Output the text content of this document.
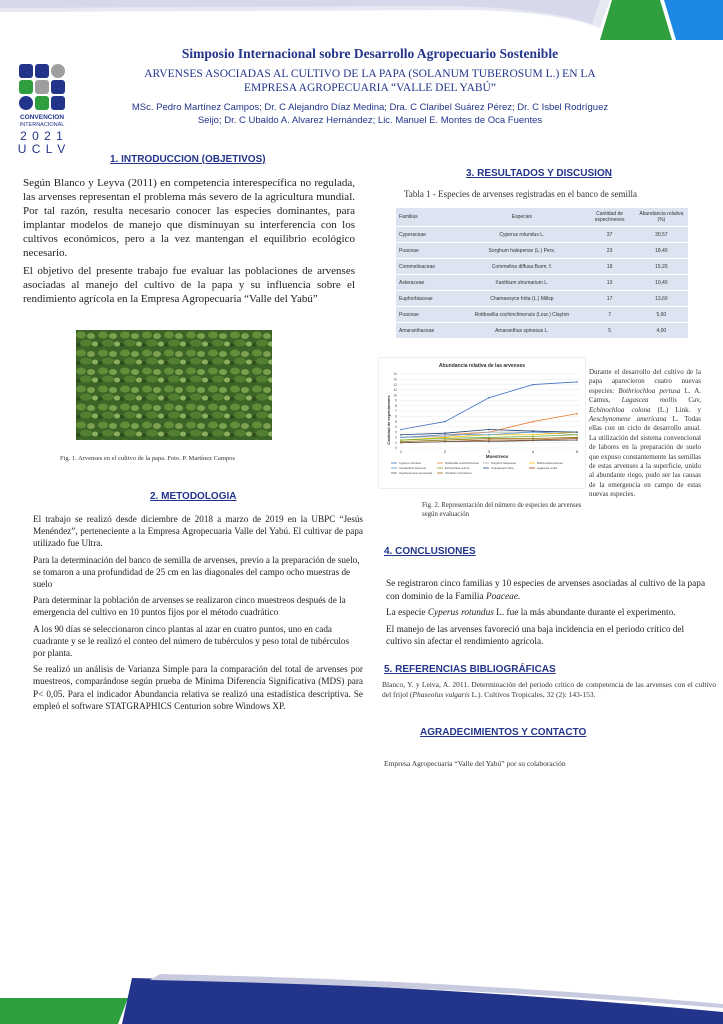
CONVENCION
INTERNACIONAL
2 0 2 1
U C L V
Simposio Internacional sobre Desarrollo Agropecuario Sostenible
ARVENSES ASOCIADAS AL CULTIVO DE LA PAPA (SOLANUM TUBEROSUM L.) EN LA
EMPRESA AGROPECUARIA “VALLE DEL YABÚ”
MSc. Pedro Martínez Campos; Dr. C Alejandro Díaz Medina; Dra. C Claribel Suárez Pérez; Dr. C Isbel Rodríguez
Seijo; Dr. C Ubaldo A. Alvarez Hernández; Lic. Manuel E. Montes de Oca Fuentes
1. INTRODUCCION (OBJETIVOS)

Según Blanco y Leyva (2011) en competencia interespecífica no regulada, las arvenses representan el problema más severo de la agricultura mundial. Por tal razón, resulta necesario conocer las especies dominantes, para implantar modelos de manejo que disminuyan su interferencia con los cultivos económicos, pero a la vez mantengan el equilibrio ecológico necesario.

El objetivo del presente trabajo fue evaluar las poblaciones de arvenses asociadas al manejo del cultivo de la papa y su influencia sobre el rendimiento agrícola en la Empresa Agropecuaria “Valle del Yabú”

Fig. 1. Arvenses en el cultivo de la papa. Foto. P. Martínez Campos
2. METODOLOGIA

El trabajo se realizó desde diciembre de 2018 a marzo de 2019 en la UBPC “Jesús Menéndez”, perteneciente a la Empresa Agropecuaria Valle del Yabú. El cultivar de papa utilizado fue Ultra.

Para la determinación del banco de semilla de arvenses, previo a la preparación de suelo, se tomaron a una profundidad de 25 cm en las diagonales del campo ocho muestras de suelo

Para determinar la población de arvenses se realizaron cinco muestreos después de la emergencia del cultivo en 10 puntos fijos por el método cuadrático

A los 90 días se seleccionaron cinco plantas al azar en cuatro puntos, uno en cada cuadrante y se le realizó el conteo del número de tubérculos y peso total de tubérculos por planta.

Se realizó un análisis de Varianza Simple para la comparación del total de arvenses por muestreos, comparándose según prueba de Mínima Diferencia Significativa (MDS) para P< 0,05. Para el indicador Abundancia relativa se realizó una estadística descriptiva. Se empleó el software STATGRAPHICS Centurion sobre Windows XP.

3. RESULTADOS Y DISCUSION
Tabla 1 - Especies de arvenses registradas en el banco de semilla
Familias	Especies	Cantidad de especímenes	Abundancia relativa (%)
Cyperaceae	Cyperus rotundus L.	37	30,57
Poaceae	Sorghum halepense (L.) Pers.	23	18,40
Commelinaceae	Commelina diffusa Burm. f.	19	15,20
Asteraceae	Xanthium strumarium L.	13	10,40
Euphorbiaceae	Chamaesyce hirta (L.) Millsp	17	13,60
Poaceae	Rottboellia cochinchinensis (Lour.) Clayton	7	5,60
Amaranthaceae	Amaranthus spinosus L.	5	4,00
Abundancia relativa de las arvenses
Cantidad de especímenes
Muestreos
0
1
2
3
4
5
6
7
8
9
10
11
12
13
14
1	2	3	4	5
Cyperus rotundus	Rottboellia cochinchinensis	Sorghum halepense	Bothriochloa pertusa
Amaranthus spinosus	Echinochloa colona	Chamaesyce hirta	Lagascea mollis
Aeschynomene americana	Xanthium strumarium
Fig. 2. Representación del número de especies de arvenses según evaluación
Durante el desarrollo del cultivo de la papa aparecieron cuatro nuevas especies: Bothriochloa pertusa L. A. Camus, Lagascea mollis Cav, Echinochloa colona (L.) Link. y Aeschynomene americana L. Todas ellas con un ciclo de desarrollo anual. La utilización del sistema convencional de labores en la preparación de suelo que expuso constantemente las semillas de estas arvenses a la superficie, unido al abundante riego, pudo ser las causas de la emergencia en campo de estas nuevas especies.
4. CONCLUSIONES

Se registraron cinco familias y 10 especies de arvenses asociadas al cultivo de la papa con dominio de la Familia Poaceae.

La especie Cyperus rotundus L. fue la más abundante durante el experimento.

El manejo de las arvenses favoreció una baja incidencia en el periodo crítico del cultivo sin afectar el rendimiento agrícola.

5. REFERENCIAS BIBLIOGRÁFICAS
Blanco, Y. y Leiva, A. 2011. Determinación del periodo crítico de competencia de las arvenses con el cultivo del frijol (Phaseolus vulgaris L.). Cultivos Tropicales, 32 (2): 143-153.
AGRADECIMIENTOS Y CONTACTO
Empresa Agropecuaria “Valle del Yabú” por su colaboración
